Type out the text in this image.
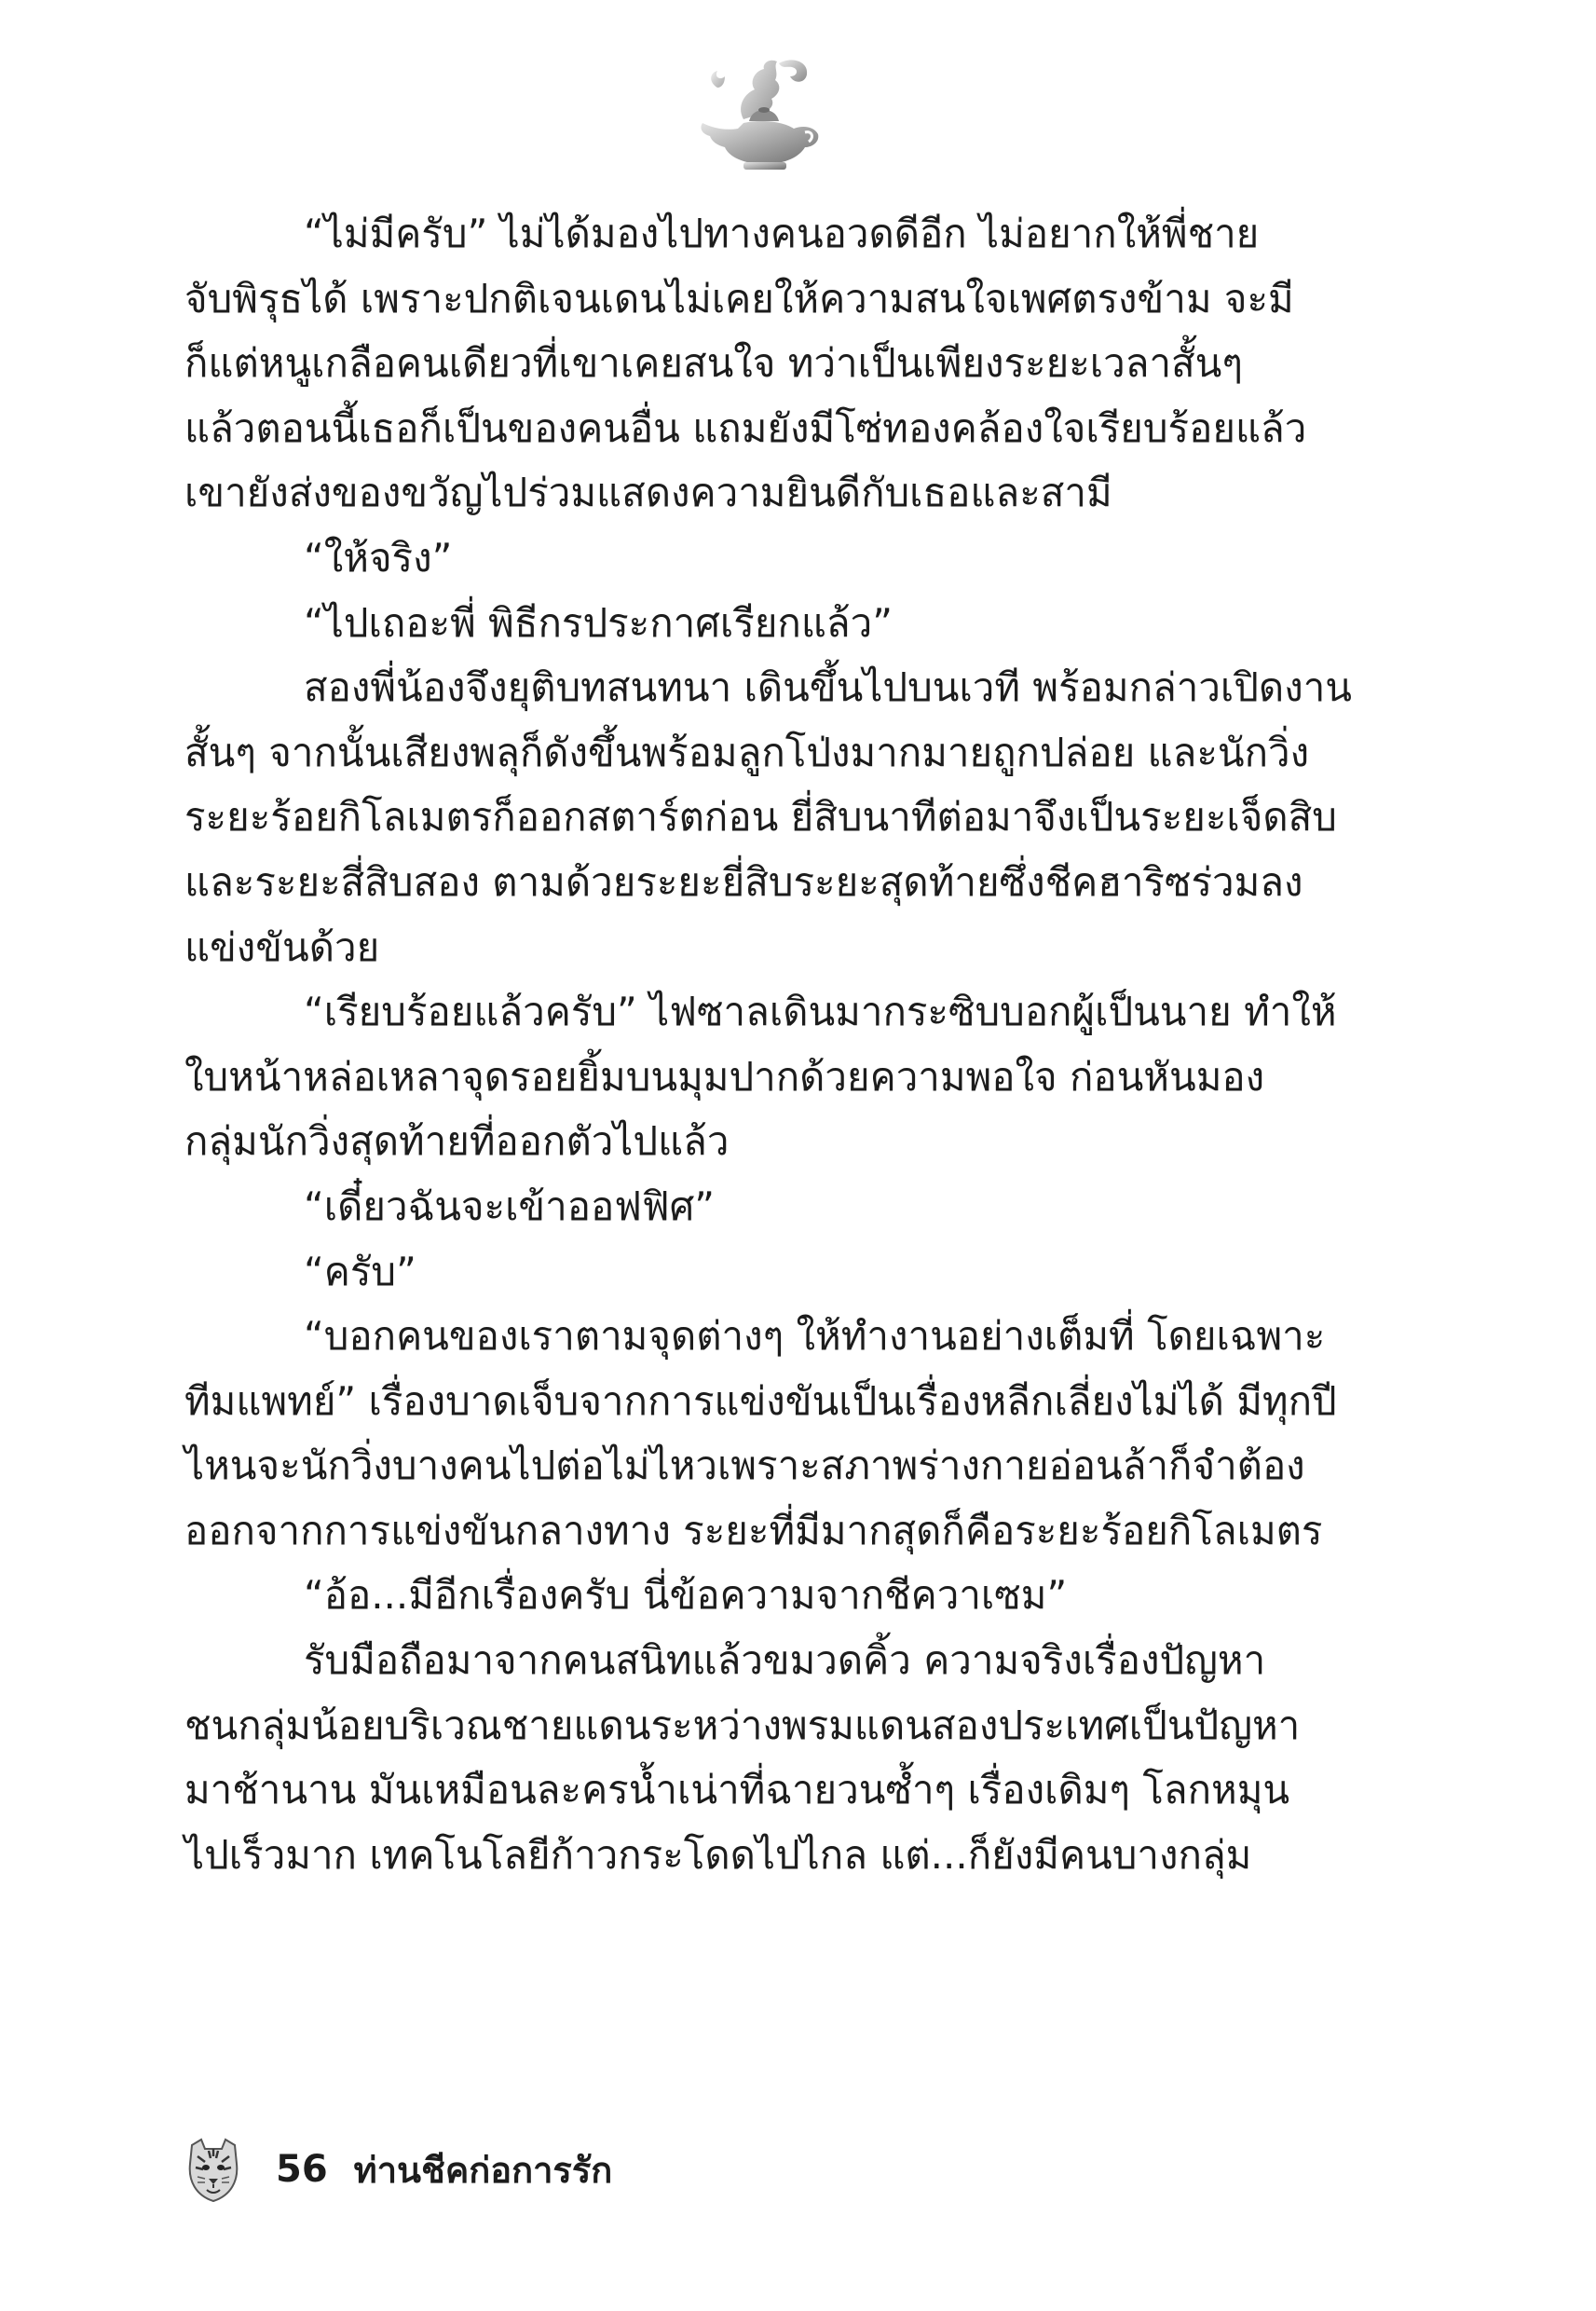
“ไม่มีครับ” ไม่ได้มองไปทางคนอวดดีอีก ไม่อยากให้พี่ชาย
จับพิรุธได้ เพราะปกติเจนเดนไม่เคยให้ความสนใจเพศตรงข้าม จะมี
ก็แต่หนูเกลือคนเดียวที่เขาเคยสนใจ ทว่าเป็นเพียงระยะเวลาสั้นๆ
แล้วตอนนี้เธอก็เป็นของคนอื่น แถมยังมีโซ่ทองคล้องใจเรียบร้อยแล้ว
เขายังส่งของขวัญไปร่วมแสดงความยินดีกับเธอและสามี

“ให้จริง”

“ไปเถอะพี่ พิธีกรประกาศเรียกแล้ว”

สองพี่น้องจึงยุติบทสนทนา เดินขึ้นไปบนเวที พร้อมกล่าวเปิดงาน
สั้นๆ จากนั้นเสียงพลุก็ดังขึ้นพร้อมลูกโป่งมากมายถูกปล่อย และนักวิ่ง
ระยะร้อยกิโลเมตรก็ออกสตาร์ตก่อน ยี่สิบนาทีต่อมาจึงเป็นระยะเจ็ดสิบ
และระยะสี่สิบสอง ตามด้วยระยะยี่สิบระยะสุดท้ายซึ่งชีคฮาริซร่วมลง
แข่งขันด้วย

“เรียบร้อยแล้วครับ” ไฟซาลเดินมากระซิบบอกผู้เป็นนาย ทำให้
ใบหน้าหล่อเหลาจุดรอยยิ้มบนมุมปากด้วยความพอใจ ก่อนหันมอง
กลุ่มนักวิ่งสุดท้ายที่ออกตัวไปแล้ว

“เดี๋ยวฉันจะเข้าออฟฟิศ”

“ครับ”

“บอกคนของเราตามจุดต่างๆ ให้ทำงานอย่างเต็มที่ โดยเฉพาะ
ทีมแพทย์” เรื่องบาดเจ็บจากการแข่งขันเป็นเรื่องหลีกเลี่ยงไม่ได้ มีทุกปี
ไหนจะนักวิ่งบางคนไปต่อไม่ไหวเพราะสภาพร่างกายอ่อนล้าก็จำต้อง
ออกจากการแข่งขันกลางทาง ระยะที่มีมากสุดก็คือระยะร้อยกิโลเมตร

“อ้อ...มีอีกเรื่องครับ นี่ข้อความจากชีควาเซม”

รับมือถือมาจากคนสนิทแล้วขมวดคิ้ว ความจริงเรื่องปัญหา
ชนกลุ่มน้อยบริเวณชายแดนระหว่างพรมแดนสองประเทศเป็นปัญหา
มาช้านาน มันเหมือนละครน้ำเน่าที่ฉายวนซ้ำๆ เรื่องเดิมๆ โลกหมุน
ไปเร็วมาก เทคโนโลยีก้าวกระโดดไปไกล แต่...ก็ยังมีคนบางกลุ่ม

56 ท่านชีคก่อการรัก
